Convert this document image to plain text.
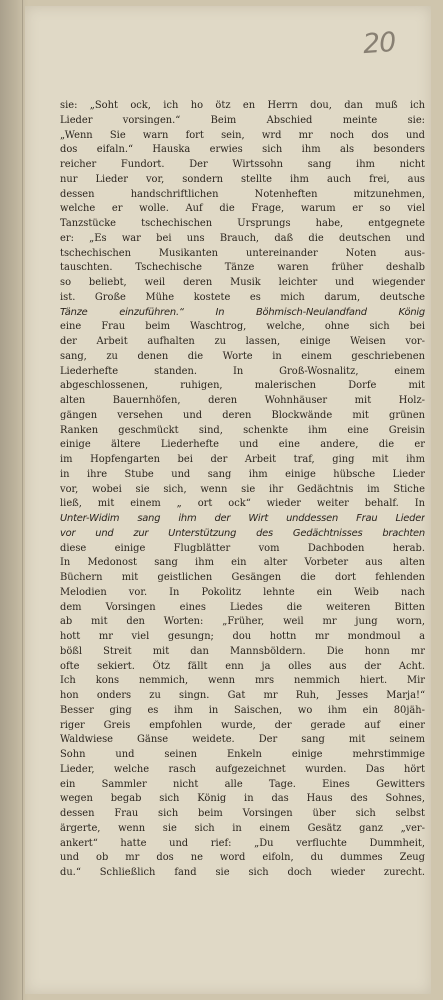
20
sie: „Soht ock, ich ho ötz en Herrn dou, dan muß ich
Lieder vorsingen.“ Beim Abschied meinte sie:
„Wenn Sie warn fort sein, wrd mr noch dos und
dos eifaln.“ Hauska erwies sich ihm als besonders
reicher Fundort. Der Wirtssohn sang ihm nicht
nur Lieder vor, sondern stellte ihm auch frei, aus
dessen handschriftlichen Notenheften mitzunehmen,
welche er wolle. Auf die Frage, warum er so viel
Tanzstücke tschechischen Ursprungs habe, entgegnete
er: „Es war bei uns Brauch, daß die deutschen und
tschechischen Musikanten untereinander Noten aus-
tauschten. Tschechische Tänze waren früher deshalb
so beliebt, weil deren Musik leichter und wiegender
ist. Große Mühe kostete es mich darum, deutsche
Tänze einzuführen.“ In Böhmisch-Neulandfand König
eine Frau beim Waschtrog, welche, ohne sich bei
der Arbeit aufhalten zu lassen, einige Weisen vor-
sang, zu denen die Worte in einem geschriebenen
Liederhefte standen. In Groß-Wosnalitz, einem
abgeschlossenen, ruhigen, malerischen Dorfe mit
alten Bauernhöfen, deren Wohnhäuser mit Holz-
gängen versehen und deren Blockwände mit grünen
Ranken geschmückt sind, schenkte ihm eine Greisin
einige ältere Liederhefte und eine andere, die er
im Hopfengarten bei der Arbeit traf, ging mit ihm
in ihre Stube und sang ihm einige hübsche Lieder
vor, wobei sie sich, wenn sie ihr Gedächtnis im Stiche
ließ, mit einem „ ort ock“ wieder weiter behalf. In
Unter-Widim sang ihm der Wirt unddessen Frau Lieder
vor und zur Unterstützung des Gedächtnisses brachten
diese einige Flugblätter vom Dachboden herab.
In Medonost sang ihm ein alter Vorbeter aus alten
Büchern mit geistlichen Gesängen die dort fehlenden
Melodien vor. In Pokolitz lehnte ein Weib nach
dem Vorsingen eines Liedes die weiteren Bitten
ab mit den Worten: „Früher, weil mr jung worn,
hott mr viel gesungn; dou hottn mr mondmoul a
bößl Streit mit dan Mannsböldern. Die honn mr
ofte sekiert. Ötz fällt enn ja olles aus der Acht.
Ich kons nemmich, wenn mrs nemmich hiert. Mir
hon onders zu singn. Gat mr Ruh, Jesses Marja!“
Besser ging es ihm in Saischen, wo ihm ein 80jäh-
riger Greis empfohlen wurde, der gerade auf einer
Waldwiese Gänse weidete. Der sang mit seinem
Sohn und seinen Enkeln einige mehrstimmige
Lieder, welche rasch aufgezeichnet wurden. Das hört
ein Sammler nicht alle Tage. Eines Gewitters
wegen begab sich König in das Haus des Sohnes,
dessen Frau sich beim Vorsingen über sich selbst
ärgerte, wenn sie sich in einem Gesätz ganz „ver-
ankert“ hatte und rief: „Du verfluchte Dummheit,
und ob mr dos ne word eifoln, du dummes Zeug
du.“ Schließlich fand sie sich doch wieder zurecht.
